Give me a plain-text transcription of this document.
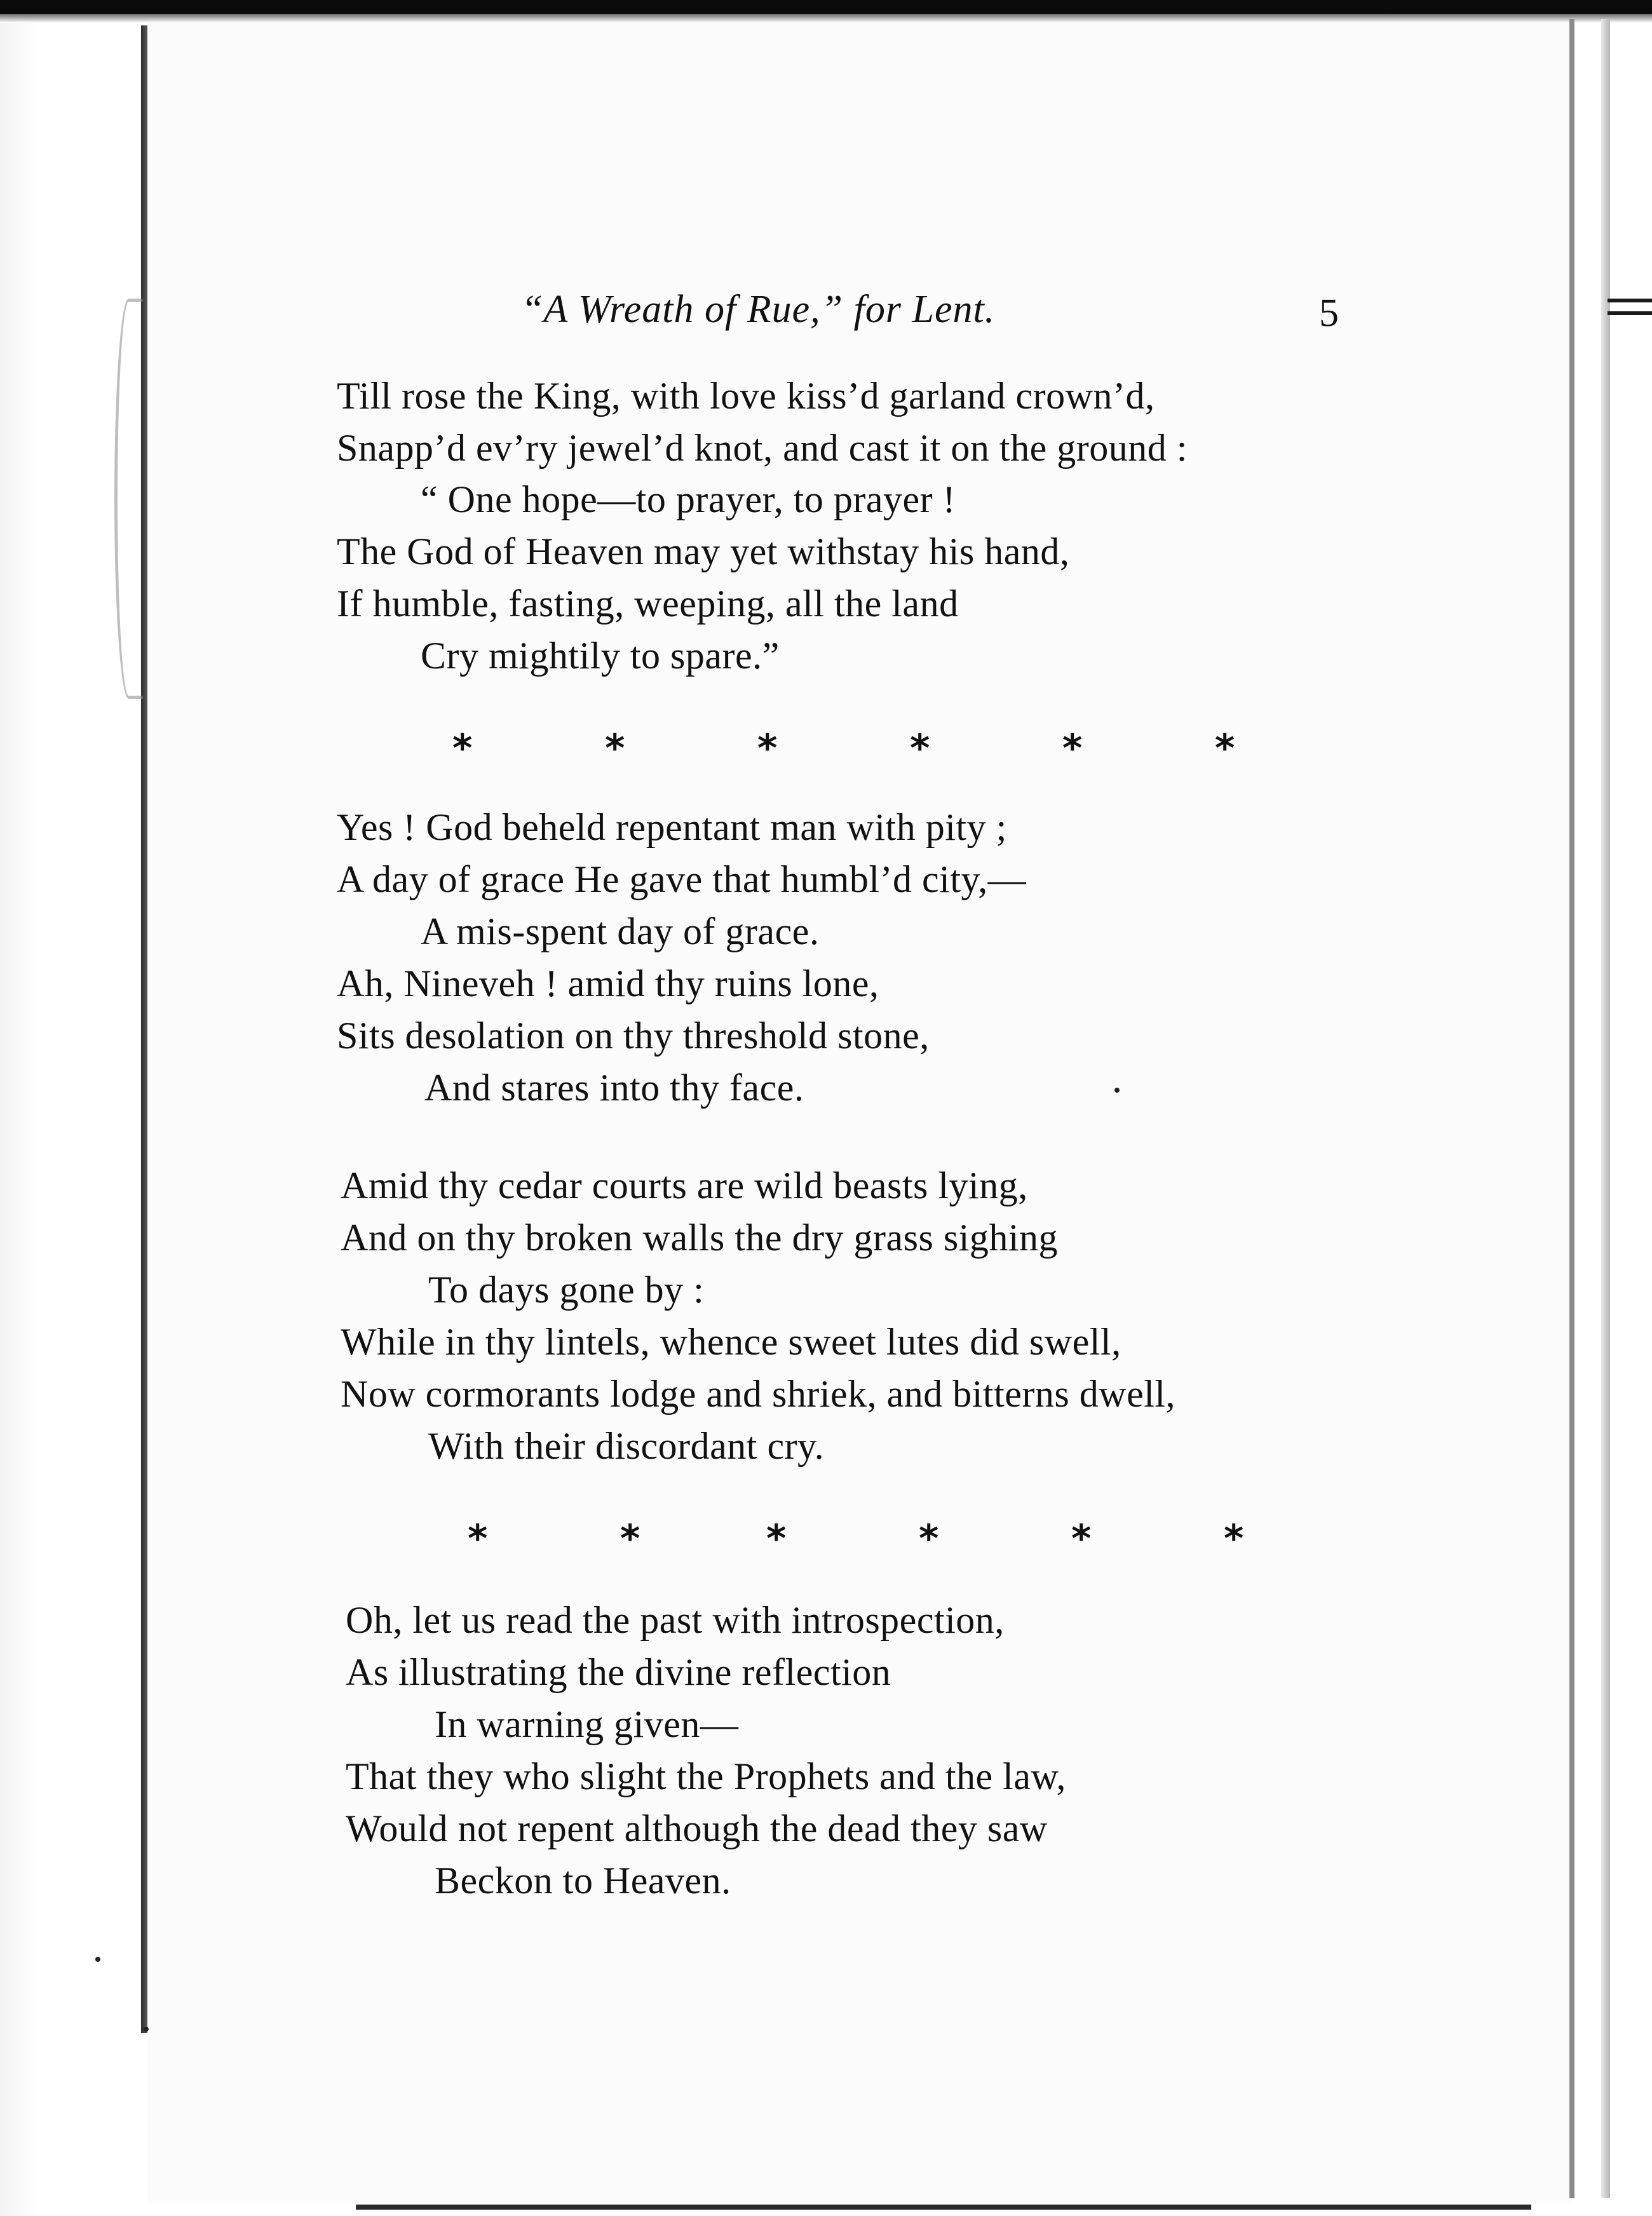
“A Wreath of Rue,” for Lent.	5
Till rose the King, with love kiss’d garland crown’d,
Snapp’d ev’ry jewel’d knot, and cast it on the ground :
“ One hope—to prayer, to prayer !
The God of Heaven may yet withstay his hand,
If humble, fasting, weeping, all the land
Cry mightily to spare.”
*	*	*	*	*	*
Yes ! God beheld repentant man with pity ;
A day of grace He gave that humbl’d city,—
A mis-spent day of grace.
Ah, Nineveh ! amid thy ruins lone,
Sits desolation on thy threshold stone,
And stares into thy face.
Amid thy cedar courts are wild beasts lying,
And on thy broken walls the dry grass sighing
To days gone by :
While in thy lintels, whence sweet lutes did swell,
Now cormorants lodge and shriek, and bitterns dwell,
With their discordant cry.
*	*	*	*	*	*
Oh, let us read the past with introspection,
As illustrating the divine reflection
In warning given—
That they who slight the Prophets and the law,
Would not repent although the dead they saw
Beckon to Heaven.
